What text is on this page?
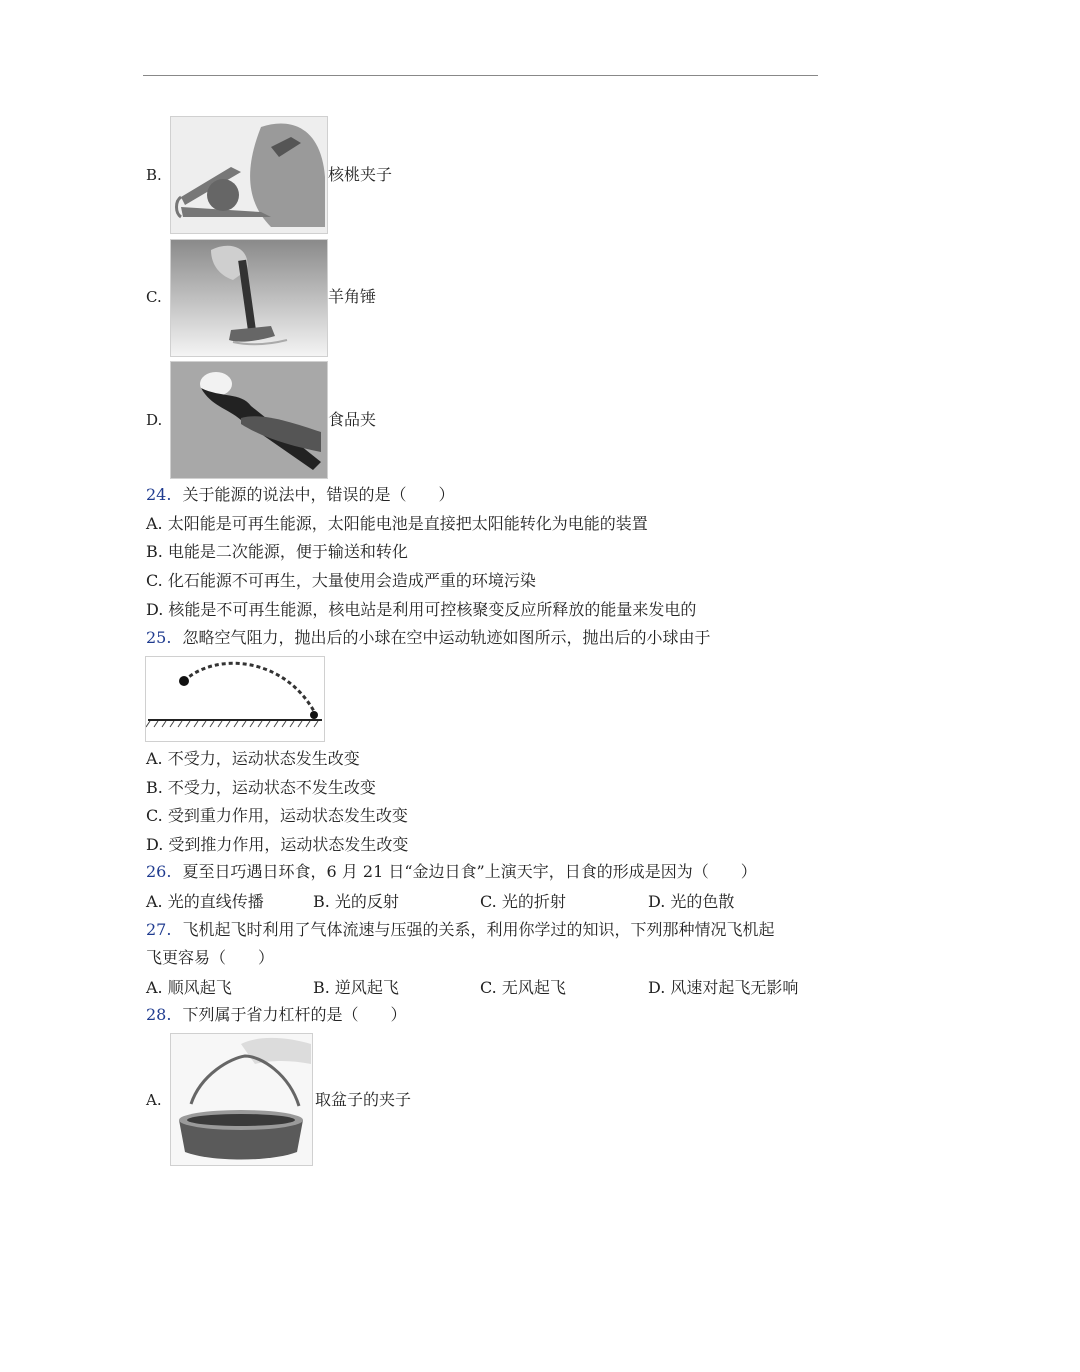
B.	核桃夹子
C.	羊角锤
D.	食品夹
24. 关于能源的说法中，错误的是（　　）
A. 太阳能是可再生能源，太阳能电池是直接把太阳能转化为电能的装置
B. 电能是二次能源，便于输送和转化
C. 化石能源不可再生，大量使用会造成严重的环境污染
D. 核能是不可再生能源，核电站是利用可控核聚变反应所释放的能量来发电的
25. 忽略空气阻力，抛出后的小球在空中运动轨迹如图所示，抛出后的小球由于
A. 不受力，运动状态发生改变
B. 不受力，运动状态不发生改变
C. 受到重力作用，运动状态发生改变
D. 受到推力作用，运动状态发生改变
26. 夏至日巧遇日环食，6 月 21 日“金边日食”上演天宇，日食的形成是因为（　　）
A. 光的直线传播	B. 光的反射	C. 光的折射	D. 光的色散
27. 飞机起飞时利用了气体流速与压强的关系，利用你学过的知识，下列那种情况飞机起
飞更容易（　　）
A. 顺风起飞	B. 逆风起飞	C. 无风起飞	D. 风速对起飞无影响
28. 下列属于省力杠杆的是（　　）
A.	取盆子的夹子
